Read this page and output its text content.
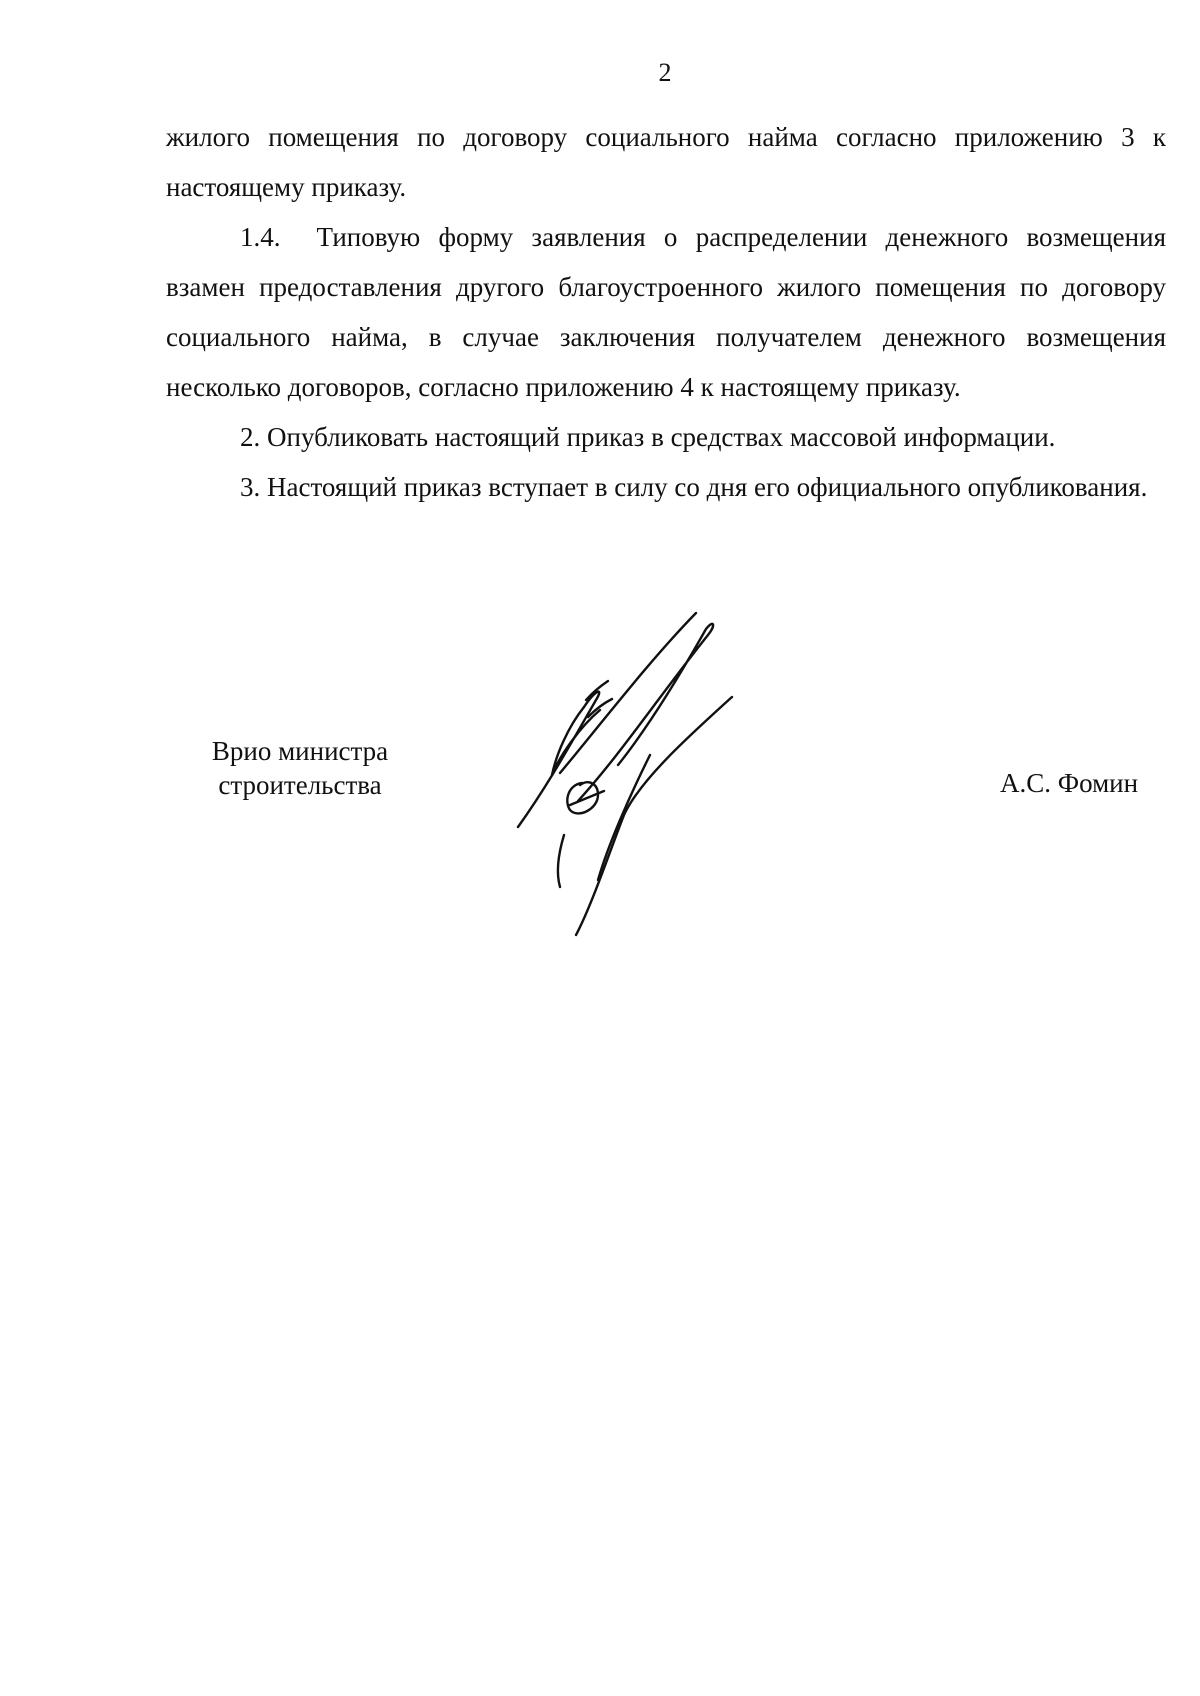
2

жилого помещения по договору социального найма согласно приложению 3 к настоящему приказу.

1.4. Типовую форму заявления о распределении денежного возмещения взамен предоставления другого благоустроенного жилого помещения по договору социального найма, в случае заключения получателем денежного возмещения несколько договоров, согласно приложению 4 к настоящему приказу.

2. Опубликовать настоящий приказ в средствах массовой информации.

3. Настоящий приказ вступает в силу со дня его официального опубликования.

Врио министра
строительства	А.С. Фомин
